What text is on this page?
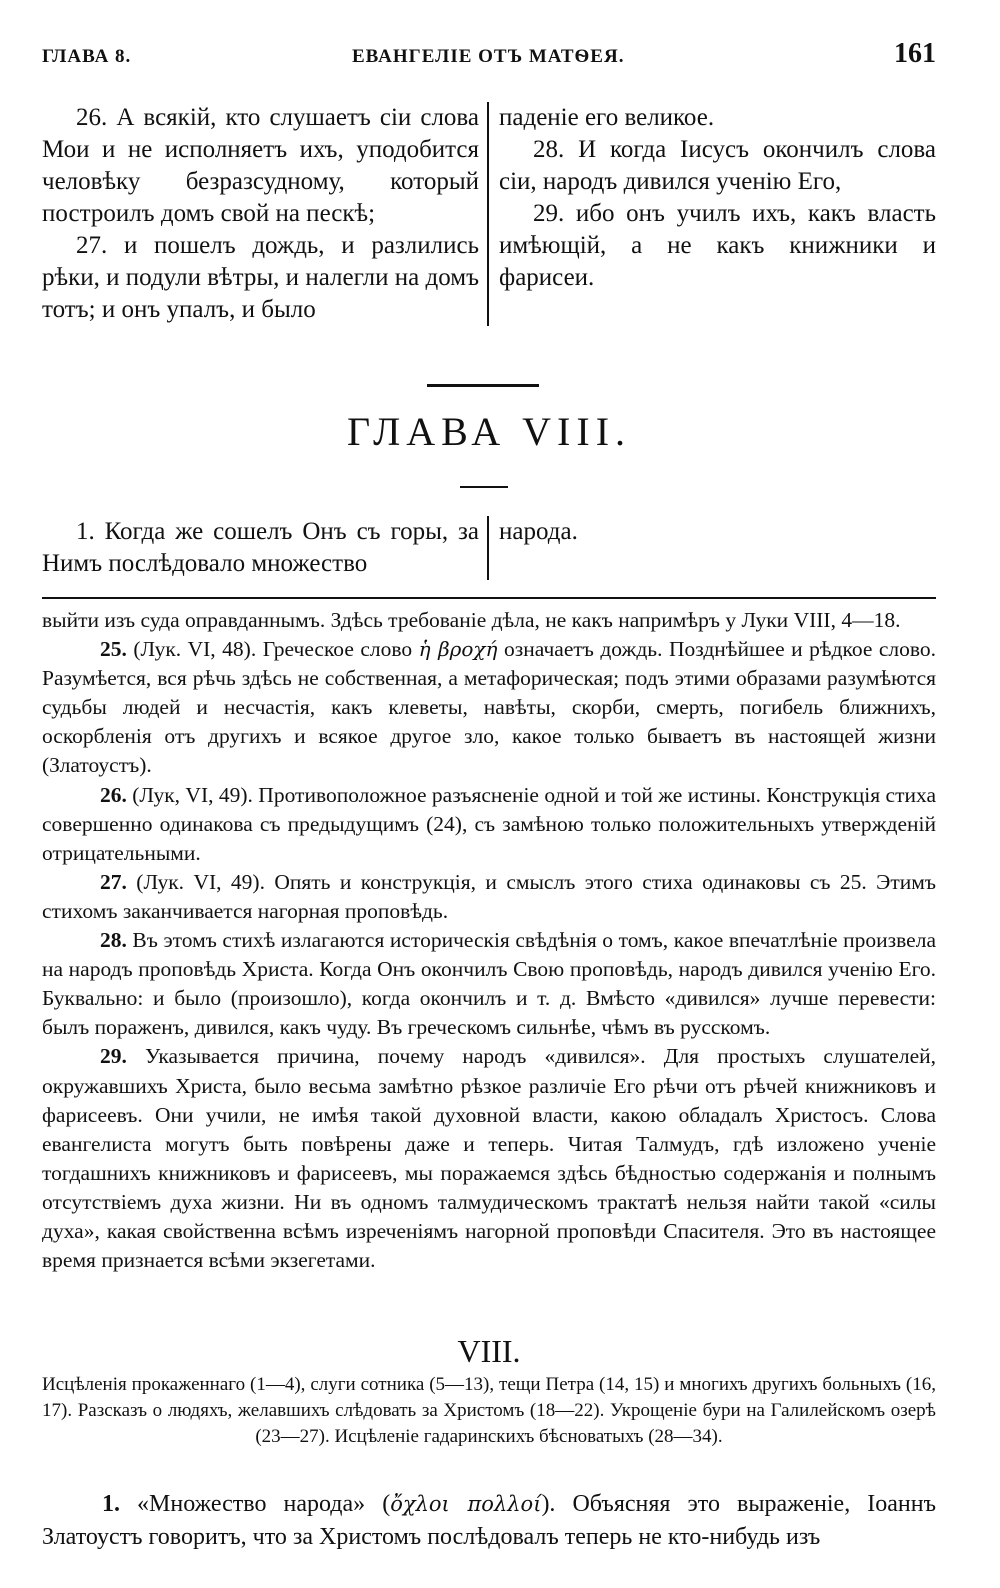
ГЛАВА 8.	ЕВАНГЕЛІЕ ОТЪ МАТѲЕЯ.	161

26. А всякій, кто слушаетъ сіи слова Мои и не исполняетъ ихъ, уподобится человѣку безразсудному, который построилъ домъ свой на пескѣ;

27. и пошелъ дождь, и разлились рѣки, и подули вѣтры, и налегли на домъ тотъ; и онъ упалъ, и было

паденіе его великое.

28. И когда Іисусъ окончилъ слова сіи, народъ дивился ученію Его,

29. ибо онъ училъ ихъ, какъ власть имѣющій, а не какъ книжники и фарисеи.

ГЛАВА VIII.

1. Когда же сошелъ Онъ съ горы, за Нимъ послѣдовало множество

народа.

выйти изъ суда оправданнымъ. Здѣсь требованіе дѣла, не какъ напримѣръ у Луки VIII, 4—18.

25. (Лук. VI, 48). Греческое слово ἡ βροχή означаетъ дождь. Позднѣйшее и рѣдкое слово. Разумѣется, вся рѣчь здѣсь не собственная, а метафорическая; подъ этими образами разумѣются судьбы людей и несчастія, какъ клеветы, навѣты, скорби, смерть, погибель ближнихъ, оскорбленія отъ другихъ и всякое другое зло, какое только бываетъ въ настоящей жизни (Златоустъ).

26. (Лук, VI, 49). Противоположное разъясненіе одной и той же истины. Конструкція стиха совершенно одинакова съ предыдущимъ (24), съ замѣною только положительныхъ утвержденій отрицательными.

27. (Лук. VI, 49). Опять и конструкція, и смыслъ этого стиха одинаковы съ 25. Этимъ стихомъ заканчивается нагорная проповѣдь.

28. Въ этомъ стихѣ излагаются историческія свѣдѣнія о томъ, какое впечатлѣніе произвела на народъ проповѣдь Христа. Когда Онъ окончилъ Свою проповѣдь, народъ дивился ученію Его. Буквально: и было (произошло), когда окончилъ и т. д. Вмѣсто «дивился» лучше перевести: былъ пораженъ, дивился, какъ чуду. Въ греческомъ сильнѣе, чѣмъ въ русскомъ.

29. Указывается причина, почему народъ «дивился». Для простыхъ слушателей, окружавшихъ Христа, было весьма замѣтно рѣзкое различіе Его рѣчи отъ рѣчей книжниковъ и фарисеевъ. Они учили, не имѣя такой духовной власти, какою обладалъ Христосъ. Слова евангелиста могутъ быть повѣрены даже и теперь. Читая Талмудъ, гдѣ изложено ученіе тогдашнихъ книжниковъ и фарисеевъ, мы поражаемся здѣсь бѣдностью содержанія и полнымъ отсутствіемъ духа жизни. Ни въ одномъ талмудическомъ трактатѣ нельзя найти такой «силы духа», какая свойственна всѣмъ изреченіямъ нагорной проповѣди Спасителя. Это въ настоящее время признается всѣми экзегетами.

VIII.
Исцѣленія прокаженнаго (1—4), слуги сотника (5—13), тещи Петра (14, 15) и многихъ другихъ больныхъ (16, 17). Разсказъ о людяхъ, желавшихъ слѣдовать за Христомъ (18—22). Укрощеніе бури на Галилейскомъ озерѣ (23—27). Исцѣленіе гадаринскихъ бѣсноватыхъ (28—34).

1. «Множество народа» (ὄχλοι πολλοί). Объясняя это выраженіе, Іоаннъ Златоустъ говоритъ, что за Христомъ послѣдовалъ теперь не кто-нибудь изъ
